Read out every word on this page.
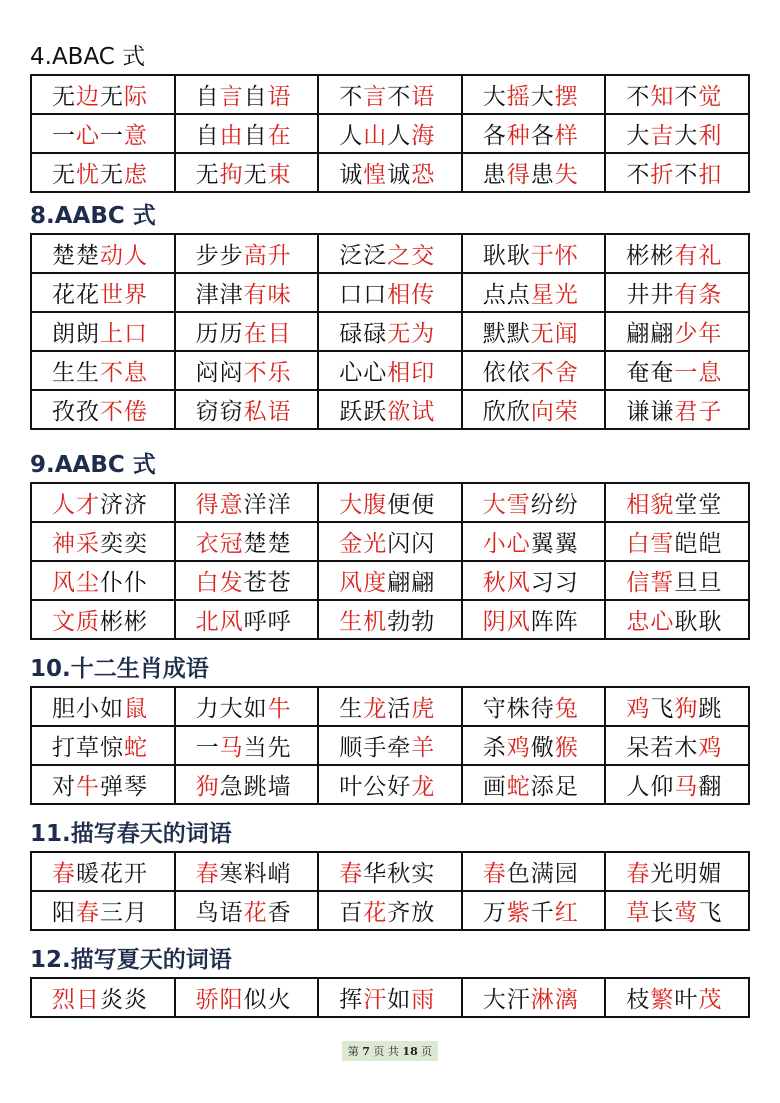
4.ABAC 式
无边无际	自言自语	不言不语	大摇大摆	不知不觉
一心一意	自由自在	人山人海	各种各样	大吉大利
无忧无虑	无拘无束	诚惶诚恐	患得患失	不折不扣
8.AABC 式
楚楚动人	步步高升	泛泛之交	耿耿于怀	彬彬有礼
花花世界	津津有味	口口相传	点点星光	井井有条
朗朗上口	历历在目	碌碌无为	默默无闻	翩翩少年
生生不息	闷闷不乐	心心相印	依依不舍	奄奄一息
孜孜不倦	窃窃私语	跃跃欲试	欣欣向荣	谦谦君子
9.AABC 式
人才济济	得意洋洋	大腹便便	大雪纷纷	相貌堂堂
神采奕奕	衣冠楚楚	金光闪闪	小心翼翼	白雪皑皑
风尘仆仆	白发苍苍	风度翩翩	秋风习习	信誓旦旦
文质彬彬	北风呼呼	生机勃勃	阴风阵阵	忠心耿耿
10.十二生肖成语
胆小如鼠	力大如牛	生龙活虎	守株待兔	鸡飞狗跳
打草惊蛇	一马当先	顺手牵羊	杀鸡儆猴	呆若木鸡
对牛弹琴	狗急跳墙	叶公好龙	画蛇添足	人仰马翻
11.描写春天的词语
春暖花开	春寒料峭	春华秋实	春色满园	春光明媚
阳春三月	鸟语花香	百花齐放	万紫千红	草长莺飞
12.描写夏天的词语
烈日炎炎	骄阳似火	挥汗如雨	大汗淋漓	枝繁叶茂
第 7 页 共 18 页
